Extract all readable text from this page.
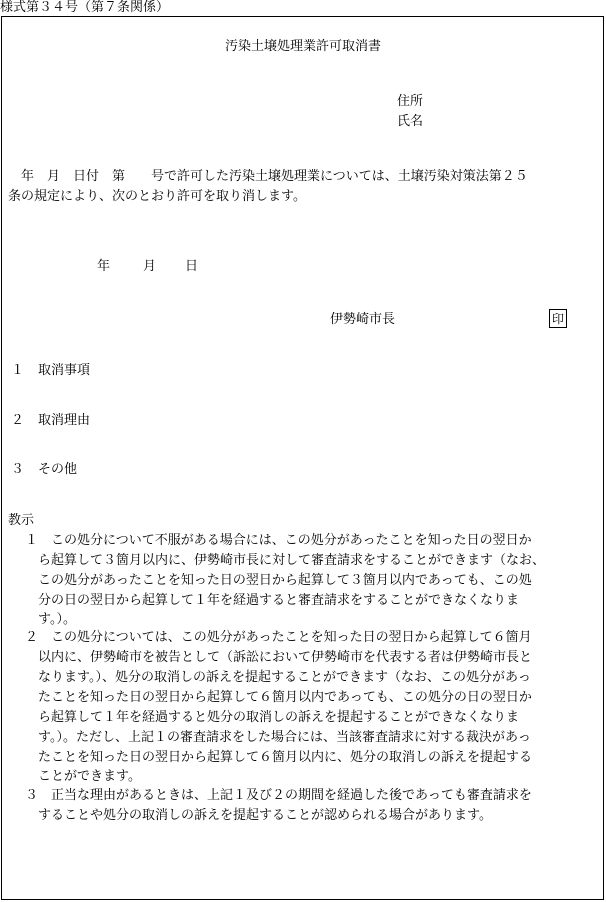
様式第３４号（第７条関係）
汚染土壌処理業許可取消書
住所
氏名
　年　月　日付　第　　号で許可した汚染土壌処理業については、土壌汚染対策法第２５
条の規定により、次のとおり許可を取り消します。
年	月 日
伊勢崎市長	印
１ 取消事項
２ 取消理由
３ その他
教示
１　この処分について不服がある場合には、この処分があったことを知った日の翌日か
ら起算して３箇月以内に、伊勢崎市長に対して審査請求をすることができます（なお、
この処分があったことを知った日の翌日から起算して３箇月以内であっても、この処
分の日の翌日から起算して１年を経過すると審査請求をすることができなくなりま
す。）。
２　この処分については、この処分があったことを知った日の翌日から起算して６箇月
以内に、伊勢崎市を被告として（訴訟において伊勢崎市を代表する者は伊勢崎市長と
なります。）、処分の取消しの訴えを提起することができます（なお、この処分があっ
たことを知った日の翌日から起算して６箇月以内であっても、この処分の日の翌日か
ら起算して１年を経過すると処分の取消しの訴えを提起することができなくなりま
す。）。ただし、上記１の審査請求をした場合には、当該審査請求に対する裁決があっ
たことを知った日の翌日から起算して６箇月以内に、処分の取消しの訴えを提起する
ことができます。
３　正当な理由があるときは、上記１及び２の期間を経過した後であっても審査請求を
することや処分の取消しの訴えを提起することが認められる場合があります。
